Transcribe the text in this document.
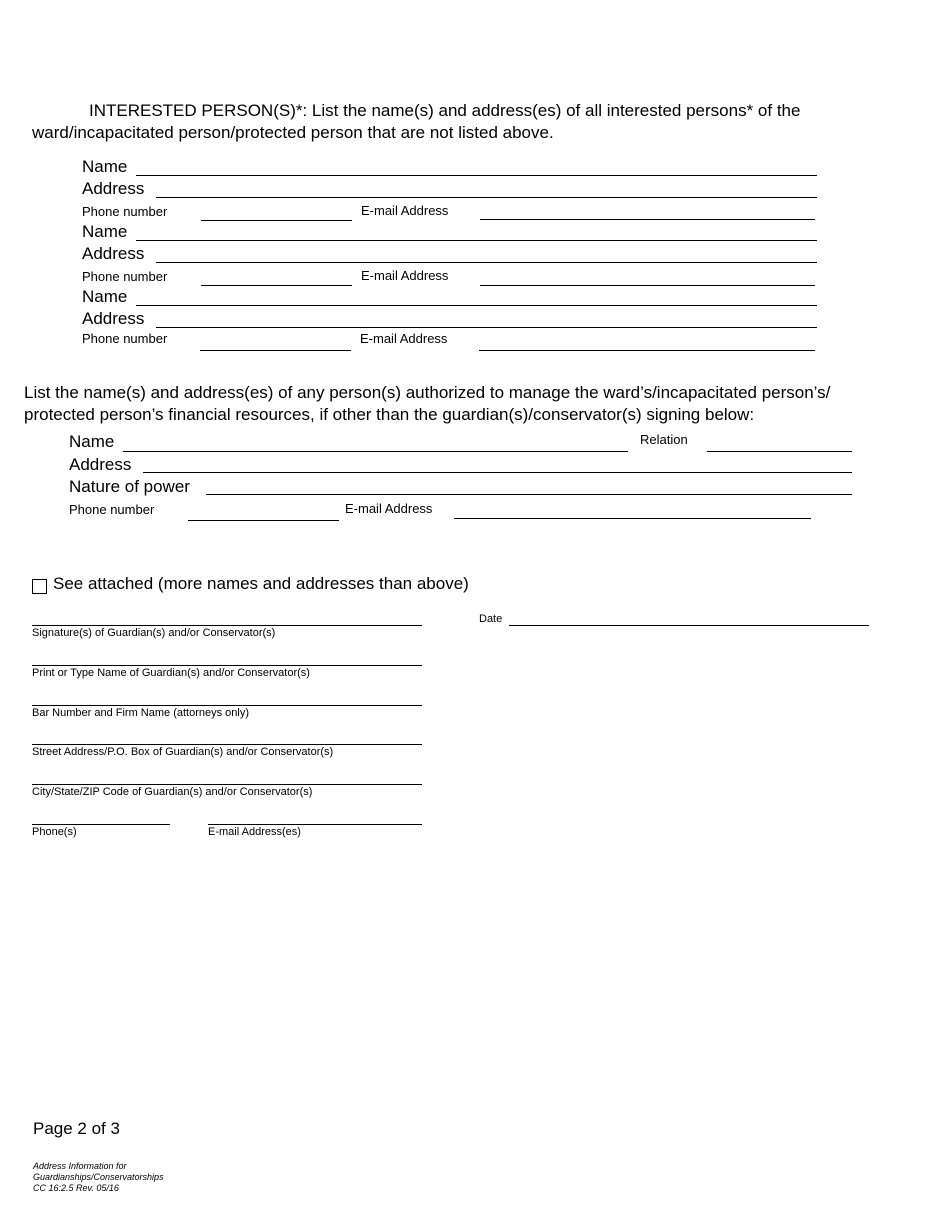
INTERESTED PERSON(S)*: List the name(s) and address(es) of all interested persons* of the
ward/incapacitated person/protected person that are not listed above.
Name
Address
Phone number	E-mail Address
Name
Address
Phone number	E-mail Address
Name
Address
Phone number	E-mail Address
List the name(s) and address(es) of any person(s) authorized to manage the ward’s/incapacitated person’s/
protected person’s financial resources, if other than the guardian(s)/conservator(s) signing below:
Name	Relation
Address
Nature of power
Phone number	E-mail Address
See attached (more names and addresses than above)
Date
Signature(s) of Guardian(s) and/or Conservator(s)
Print or Type Name of Guardian(s) and/or Conservator(s)
Bar Number and Firm Name (attorneys only)
Street Address/P.O. Box of Guardian(s) and/or Conservator(s)
City/State/ZIP Code of Guardian(s) and/or Conservator(s)
Phone(s)	E-mail Address(es)
Page 2 of 3
Address Information for
Guardianships/Conservatorships
CC 16:2.5 Rev. 05/16
